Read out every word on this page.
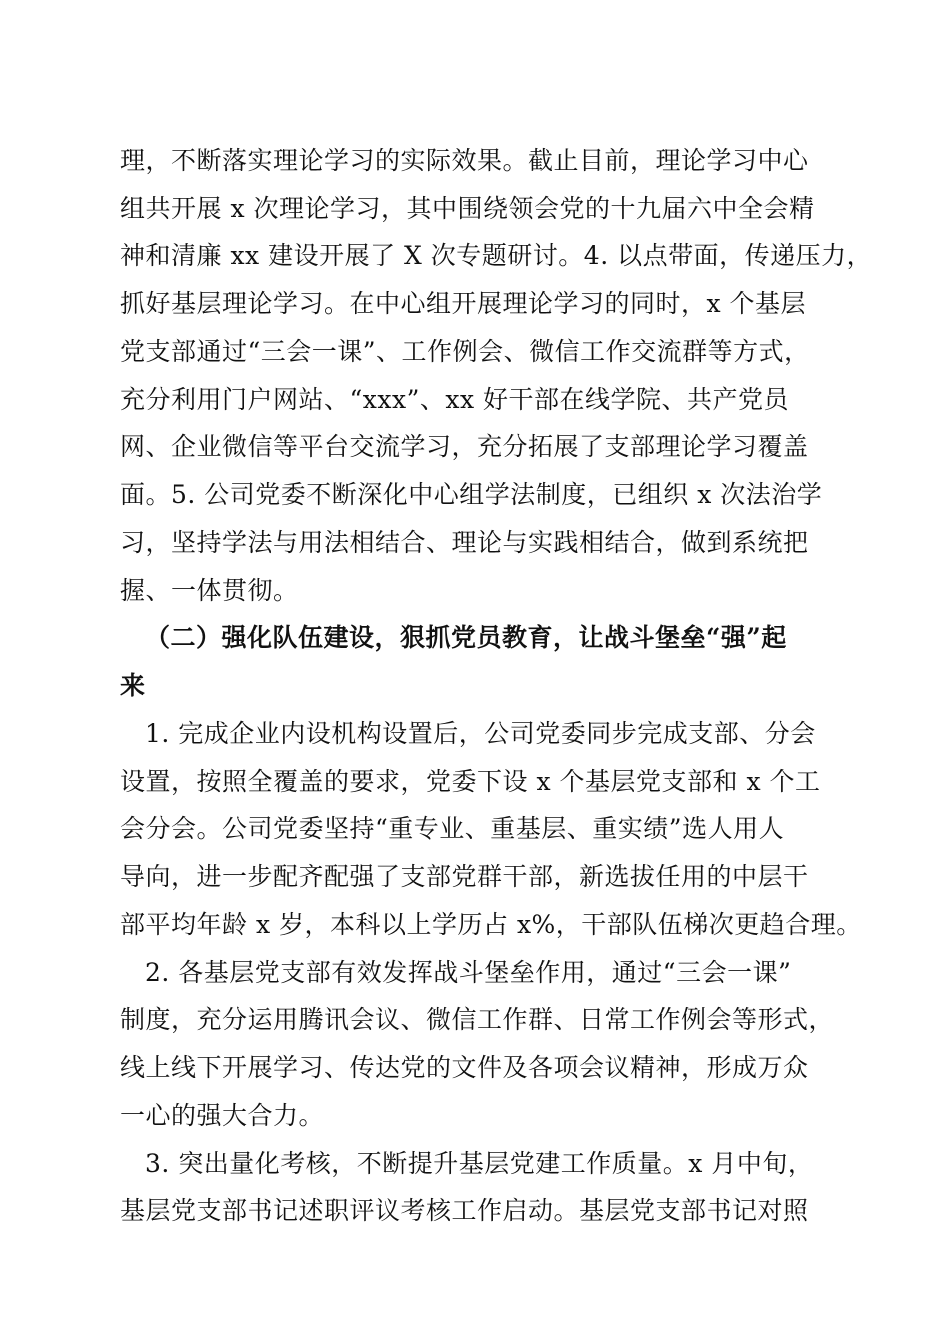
理，不断落实理论学习的实际效果。截止目前，理论学习中心
组共开展 x 次理论学习，其中围绕领会党的十九届六中全会精
神和清廉 xx 建设开展了 X 次专题研讨。4. 以点带面，传递压力，
抓好基层理论学习。在中心组开展理论学习的同时，x 个基层
党支部通过“三会一课”、工作例会、微信工作交流群等方式，
充分利用门户网站、“xxx”、xx 好干部在线学院、共产党员
网、企业微信等平台交流学习，充分拓展了支部理论学习覆盖
面。5. 公司党委不断深化中心组学法制度，已组织 x 次法治学
习，坚持学法与用法相结合、理论与实践相结合，做到系统把
握、一体贯彻。
（二）强化队伍建设，狠抓党员教育，让战斗堡垒“强”起
来
1. 完成企业内设机构设置后，公司党委同步完成支部、分会
设置，按照全覆盖的要求，党委下设 x 个基层党支部和 x 个工
会分会。公司党委坚持“重专业、重基层、重实绩”选人用人
导向，进一步配齐配强了支部党群干部，新选拔任用的中层干
部平均年龄 x 岁，本科以上学历占 x%，干部队伍梯次更趋合理。
2. 各基层党支部有效发挥战斗堡垒作用，通过“三会一课”
制度，充分运用腾讯会议、微信工作群、日常工作例会等形式，
线上线下开展学习、传达党的文件及各项会议精神，形成万众
一心的强大合力。
3. 突出量化考核，不断提升基层党建工作质量。x 月中旬，
基层党支部书记述职评议考核工作启动。基层党支部书记对照
